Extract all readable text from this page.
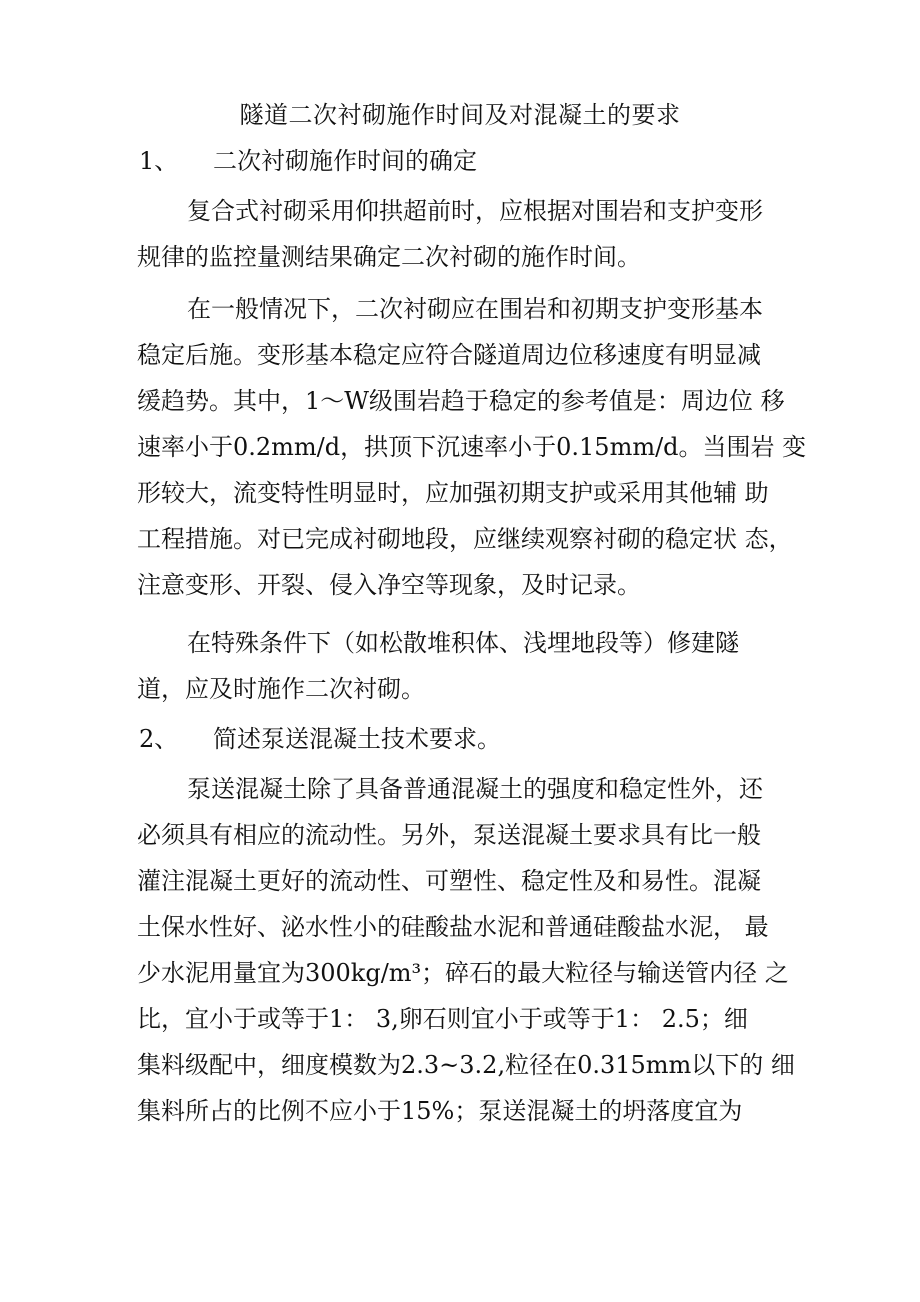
隧道二次衬砌施作时间及对混凝土的要求
1、 二次衬砌施作时间的确定
复合式衬砌采用仰拱超前时，应根据对围岩和支护变形
规律的监控量测结果确定二次衬砌的施作时间。
在一般情况下，二次衬砌应在围岩和初期支护变形基本
稳定后施。变形基本稳定应符合隧道周边位移速度有明显减
缓趋势。其中，1〜W级围岩趋于稳定的参考值是：周边位 移
速率小于0.2mm/d，拱顶下沉速率小于0.15mm/d。当围岩 变
形较大，流变特性明显时，应加强初期支护或采用其他辅 助
工程措施。对已完成衬砌地段，应继续观察衬砌的稳定状 态，
注意变形、开裂、侵入净空等现象，及时记录。
在特殊条件下（如松散堆积体、浅埋地段等）修建隧
道，应及时施作二次衬砌。
2、 简述泵送混凝土技术要求。
泵送混凝土除了具备普通混凝土的强度和稳定性外，还
必须具有相应的流动性。另外，泵送混凝土要求具有比一般
灌注混凝土更好的流动性、可塑性、稳定性及和易性。混凝
土保水性好、泌水性小的硅酸盐水泥和普通硅酸盐水泥， 最
少水泥用量宜为300kg/m³；碎石的最大粒径与输送管内径 之
比，宜小于或等于1： 3,卵石则宜小于或等于1： 2.5；细
集料级配中，细度模数为2.3~3.2,粒径在0.315mm以下的 细
集料所占的比例不应小于15%；泵送混凝土的坍落度宜为
